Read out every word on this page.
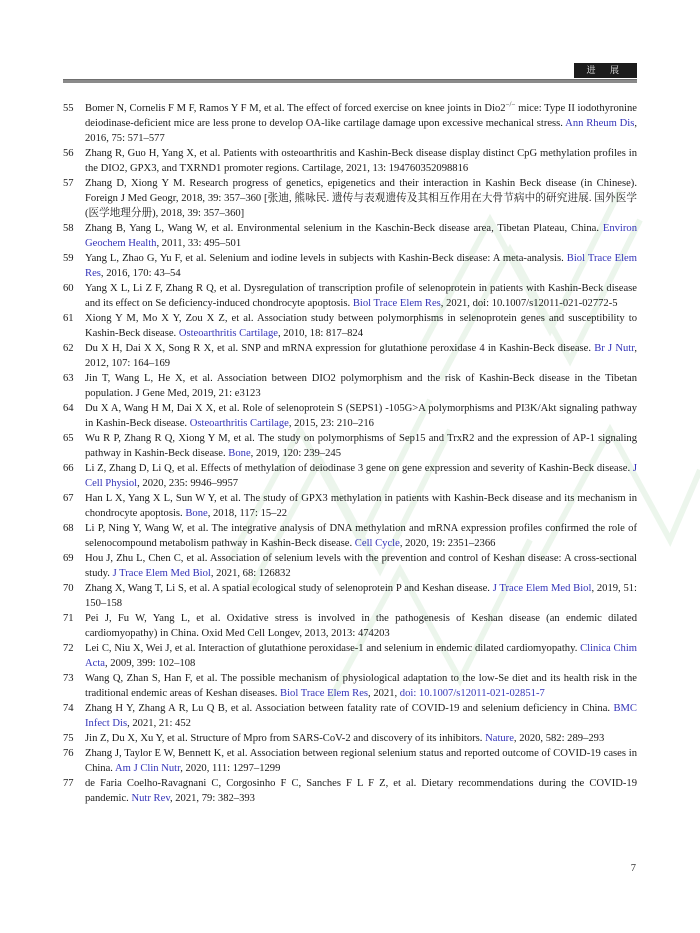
进 展
55	Bomer N, Cornelis F M F, Ramos Y F M, et al. The effect of forced exercise on knee joints in Dio2−/− mice: Type II iodothyronine deiodinase-deficient mice are less prone to develop OA-like cartilage damage upon excessive mechanical stress. Ann Rheum Dis, 2016, 75: 571–577
56	Zhang R, Guo H, Yang X, et al. Patients with osteoarthritis and Kashin-Beck disease display distinct CpG methylation profiles in the DIO2, GPX3, and TXRND1 promoter regions. Cartilage, 2021, 13: 194760352098816
57	Zhang D, Xiong Y M. Research progress of genetics, epigenetics and their interaction in Kashin Beck disease (in Chinese). Foreign J Med Geogr, 2018, 39: 357–360 [张迪, 熊咏民. 遗传与表观遗传及其相互作用在大骨节病中的研究进展. 国外医学(医学地理分册), 2018, 39: 357–360]
58	Zhang B, Yang L, Wang W, et al. Environmental selenium in the Kaschin-Beck disease area, Tibetan Plateau, China. Environ Geochem Health, 2011, 33: 495–501
59	Yang L, Zhao G, Yu F, et al. Selenium and iodine levels in subjects with Kashin-Beck disease: A meta-analysis. Biol Trace Elem Res, 2016, 170: 43–54
60	Yang X L, Li Z F, Zhang R Q, et al. Dysregulation of transcription profile of selenoprotein in patients with Kashin-Beck disease and its effect on Se deficiency-induced chondrocyte apoptosis. Biol Trace Elem Res, 2021, doi: 10.1007/s12011-021-02772-5
61	Xiong Y M, Mo X Y, Zou X Z, et al. Association study between polymorphisms in selenoprotein genes and susceptibility to Kashin-Beck disease. Osteoarthritis Cartilage, 2010, 18: 817–824
62	Du X H, Dai X X, Song R X, et al. SNP and mRNA expression for glutathione peroxidase 4 in Kashin-Beck disease. Br J Nutr, 2012, 107: 164–169
63	Jin T, Wang L, He X, et al. Association between DIO2 polymorphism and the risk of Kashin-Beck disease in the Tibetan population. J Gene Med, 2019, 21: e3123
64	Du X A, Wang H M, Dai X X, et al. Role of selenoprotein S (SEPS1) -105G>A polymorphisms and PI3K/Akt signaling pathway in Kashin-Beck disease. Osteoarthritis Cartilage, 2015, 23: 210–216
65	Wu R P, Zhang R Q, Xiong Y M, et al. The study on polymorphisms of Sep15 and TrxR2 and the expression of AP-1 signaling pathway in Kashin-Beck disease. Bone, 2019, 120: 239–245
66	Li Z, Zhang D, Li Q, et al. Effects of methylation of deiodinase 3 gene on gene expression and severity of Kashin-Beck disease. J Cell Physiol, 2020, 235: 9946–9957
67	Han L X, Yang X L, Sun W Y, et al. The study of GPX3 methylation in patients with Kashin-Beck disease and its mechanism in chondrocyte apoptosis. Bone, 2018, 117: 15–22
68	Li P, Ning Y, Wang W, et al. The integrative analysis of DNA methylation and mRNA expression profiles confirmed the role of selenocompound metabolism pathway in Kashin-Beck disease. Cell Cycle, 2020, 19: 2351–2366
69	Hou J, Zhu L, Chen C, et al. Association of selenium levels with the prevention and control of Keshan disease: A cross-sectional study. J Trace Elem Med Biol, 2021, 68: 126832
70	Zhang X, Wang T, Li S, et al. A spatial ecological study of selenoprotein P and Keshan disease. J Trace Elem Med Biol, 2019, 51: 150–158
71	Pei J, Fu W, Yang L, et al. Oxidative stress is involved in the pathogenesis of Keshan disease (an endemic dilated cardiomyopathy) in China. Oxid Med Cell Longev, 2013, 2013: 474203
72	Lei C, Niu X, Wei J, et al. Interaction of glutathione peroxidase-1 and selenium in endemic dilated cardiomyopathy. Clinica Chim Acta, 2009, 399: 102–108
73	Wang Q, Zhan S, Han F, et al. The possible mechanism of physiological adaptation to the low-Se diet and its health risk in the traditional endemic areas of Keshan diseases. Biol Trace Elem Res, 2021, doi: 10.1007/s12011-021-02851-7
74	Zhang H Y, Zhang A R, Lu Q B, et al. Association between fatality rate of COVID-19 and selenium deficiency in China. BMC Infect Dis, 2021, 21: 452
75	Jin Z, Du X, Xu Y, et al. Structure of Mpro from SARS-CoV-2 and discovery of its inhibitors. Nature, 2020, 582: 289–293
76	Zhang J, Taylor E W, Bennett K, et al. Association between regional selenium status and reported outcome of COVID-19 cases in China. Am J Clin Nutr, 2020, 111: 1297–1299
77	de Faria Coelho-Ravagnani C, Corgosinho F C, Sanches F L F Z, et al. Dietary recommendations during the COVID-19 pandemic. Nutr Rev, 2021, 79: 382–393
7
